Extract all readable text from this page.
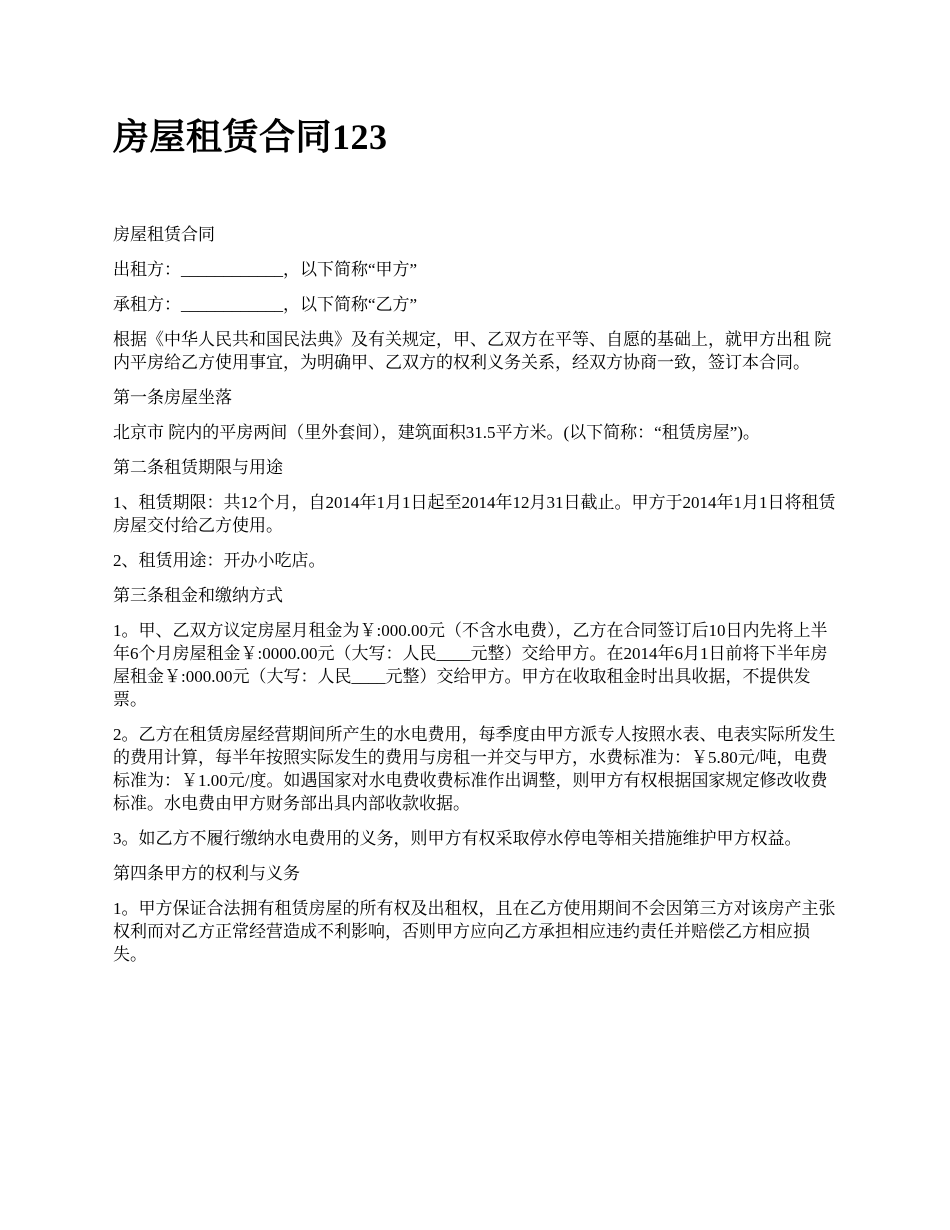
房屋租赁合同123

房屋租赁合同

出租方：____________，以下简称“甲方”

承租方：____________，以下简称“乙方”

根据《中华人民共和国民法典》及有关规定，甲、乙双方在平等、自愿的基础上，就甲方出租 院内平房给乙方使用事宜，为明确甲、乙双方的权利义务关系，经双方协商一致，签订本合同。

第一条房屋坐落

北京市 院内的平房两间（里外套间），建筑面积31.5平方米。(以下简称：“租赁房屋”)。

第二条租赁期限与用途

1、租赁期限：共12个月，自2014年1月1日起至2014年12月31日截止。甲方于2014年1月1日将租赁房屋交付给乙方使用。

2、租赁用途：开办小吃店。

第三条租金和缴纳方式

1。甲、乙双方议定房屋月租金为￥:000.00元（不含水电费），乙方在合同签订后10日内先将上半年6个月房屋租金￥:0000.00元（大写：人民____元整）交给甲方。在2014年6月1日前将下半年房屋租金￥:000.00元（大写：人民____元整）交给甲方。甲方在收取租金时出具收据，不提供发票。

2。乙方在租赁房屋经营期间所产生的水电费用，每季度由甲方派专人按照水表、电表实际所发生的费用计算，每半年按照实际发生的费用与房租一并交与甲方，水费标准为：￥5.80元/吨，电费标准为：￥1.00元/度。如遇国家对水电费收费标准作出调整，则甲方有权根据国家规定修改收费标准。水电费由甲方财务部出具内部收款收据。

3。如乙方不履行缴纳水电费用的义务，则甲方有权采取停水停电等相关措施维护甲方权益。

第四条甲方的权利与义务

1。甲方保证合法拥有租赁房屋的所有权及出租权，且在乙方使用期间不会因第三方对该房产主张权利而对乙方正常经营造成不利影响，否则甲方应向乙方承担相应违约责任并赔偿乙方相应损失。
